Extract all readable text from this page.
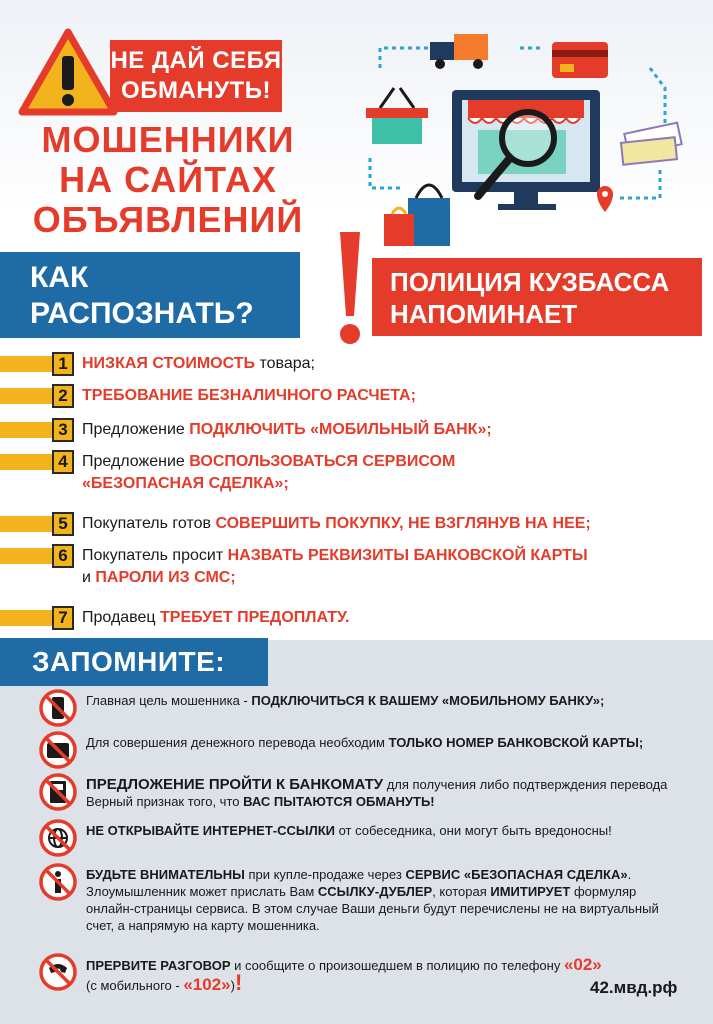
НЕ ДАЙ СЕБЯ
ОБМАНУТЬ!
МОШЕННИКИ
НА САЙТАХ
ОБЪЯВЛЕНИЙ
КАК
РАСПОЗНАТЬ?
ПОЛИЦИЯ КУЗБАССА
НАПОМИНАЕТ
1 НИЗКАЯ СТОИМОСТЬ товара;
2 ТРЕБОВАНИЕ БЕЗНАЛИЧНОГО РАСЧЕТА;
3 Предложение ПОДКЛЮЧИТЬ «МОБИЛЬНЫЙ БАНК»;
4 Предложение ВОСПОЛЬЗОВАТЬСЯ СЕРВИСОМ
«БЕЗОПАСНАЯ СДЕЛКА»;
5 Покупатель готов СОВЕРШИТЬ ПОКУПКУ, НЕ ВЗГЛЯНУВ НА НЕЕ;
6 Покупатель просит НАЗВАТЬ РЕКВИЗИТЫ БАНКОВСКОЙ КАРТЫ
и ПАРОЛИ ИЗ СМС;
7 Продавец ТРЕБУЕТ ПРЕДОПЛАТУ.
ЗАПОМНИТЕ:
Главная цель мошенника - ПОДКЛЮЧИТЬСЯ К ВАШЕМУ «МОБИЛЬНОМУ БАНКУ»;
Для совершения денежного перевода необходим ТОЛЬКО НОМЕР БАНКОВСКОЙ КАРТЫ;
ПРЕДЛОЖЕНИЕ ПРОЙТИ К БАНКОМАТУ для получения либо подтверждения перевода Верный признак того, что ВАС ПЫТАЮТСЯ ОБМАНУТЬ!
НЕ ОТКРЫВАЙТЕ ИНТЕРНЕТ-ССЫЛКИ от собеседника, они могут быть вредоносны!
БУДЬТЕ ВНИМАТЕЛЬНЫ при купле-продаже через СЕРВИС «БЕЗОПАСНАЯ СДЕЛКА». Злоумышленник может прислать Вам ССЫЛКУ-ДУБЛЕР, которая ИМИТИРУЕТ формуляр онлайн-страницы сервиса. В этом случае Ваши деньги будут перечислены не на виртуальный счет, а напрямую на карту мошенника.
ПРЕРВИТЕ РАЗГОВОР и сообщите о произошедшем в полицию по телефону «02»
(с мобильного - «102»)!	42.мвд.рф
